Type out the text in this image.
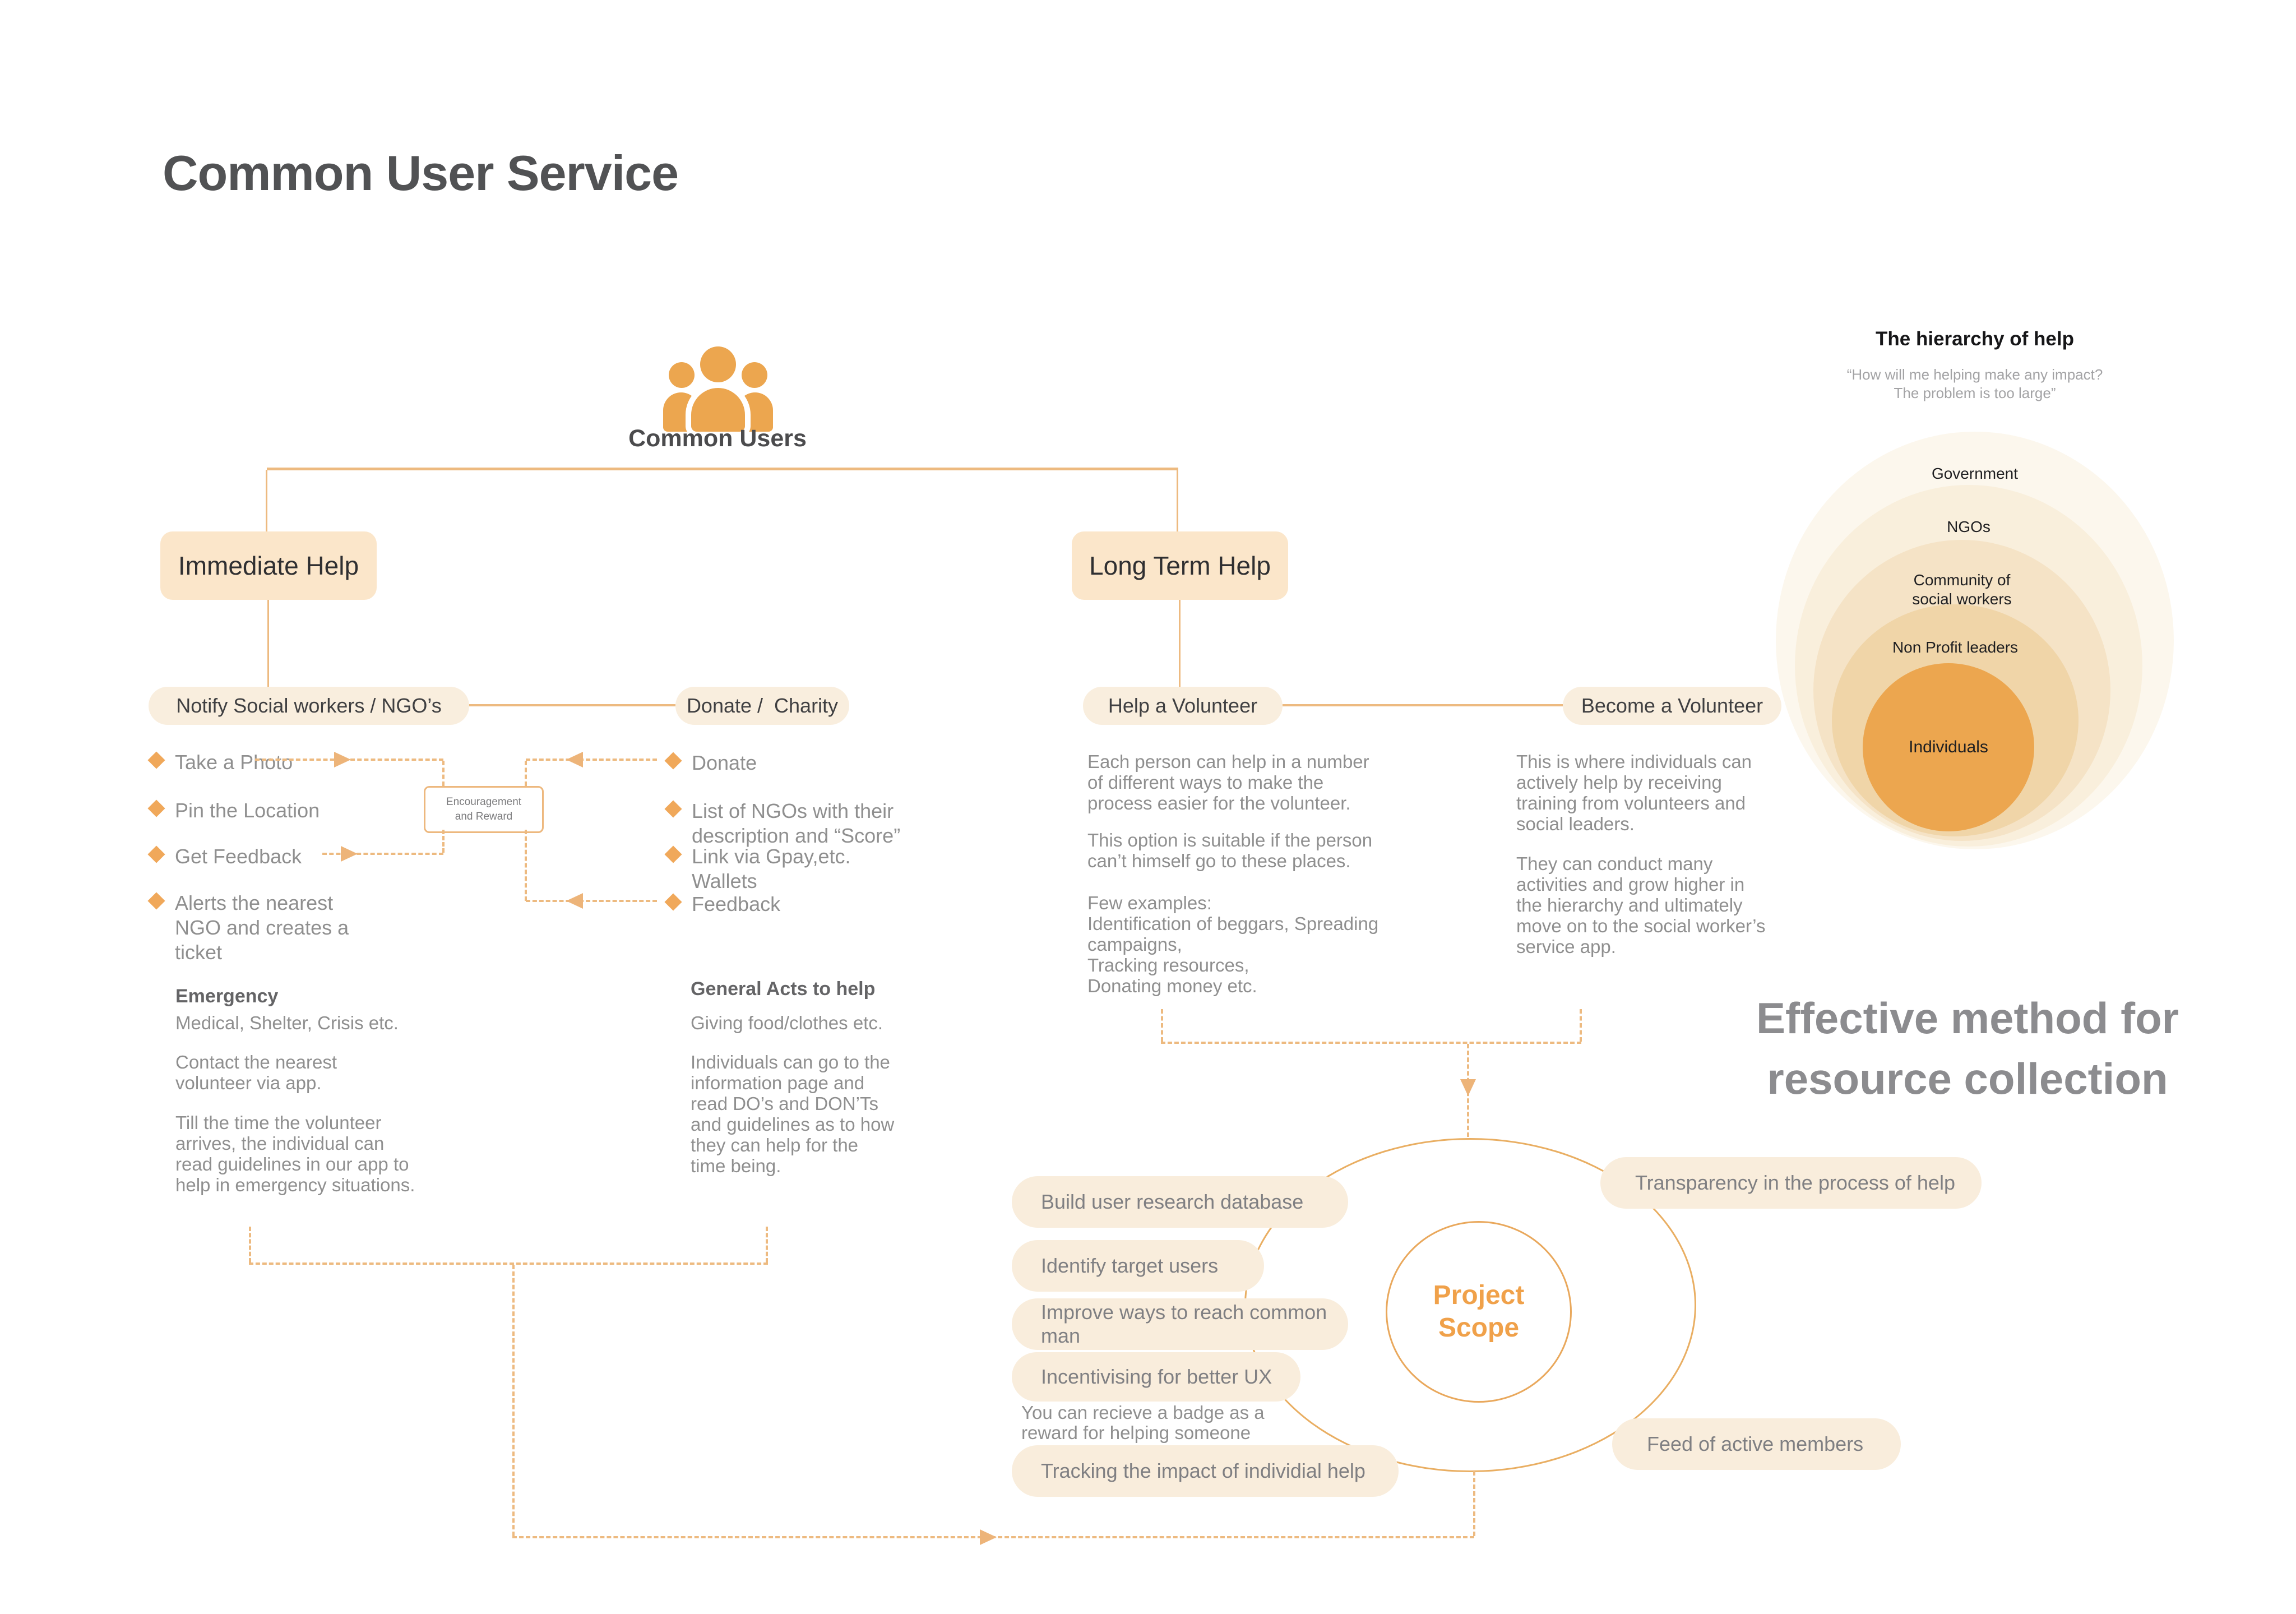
Common User Service
Common Users
Immediate Help	Long Term Help
Notify Social workers / NGO’s	Donate /  Charity	Help a Volunteer	Become a Volunteer
Take a Photo
Pin the Location
Get Feedback
Alerts the nearest
NGO and creates a
ticket
Encouragement
and Reward
Donate
List of NGOs with their
description and “Score”
Link via Gpay,etc.
Wallets
Feedback
Emergency
Medical, Shelter, Crisis etc.
Contact the nearest
volunteer via app.
Till the time the volunteer
arrives, the individual can
read guidelines in our app to
help in emergency situations.
General Acts to help
Giving food/clothes etc.
Individuals can go to the
information page and
read DO’s and DON’Ts
and guidelines as to how
they can help for the
time being.
Each person can help in a number
of different ways to make the
process easier for the volunteer.
This option is suitable if the person
can’t himself go to these places.
Few examples:
Identification of beggars, Spreading
campaigns,
Tracking resources,
Donating money etc.
This is where individuals can
actively help by receiving
training from volunteers and
social leaders.
They can conduct many
activities and grow higher in
the hierarchy and ultimately
move on to the social worker’s
service app.
The hierarchy of help
“How will me helping make any impact?
The problem is too large”
Government
NGOs
Community of
social workers
Non Profit leaders
Individuals
Effective method for
resource collection
Project
Scope
Build user research database
Identify target users
Improve ways to reach common man
Incentivising for better UX
You can recieve a badge as a
reward for helping someone
Tracking the impact of individial help
Transparency in the process of help
Feed of active members
